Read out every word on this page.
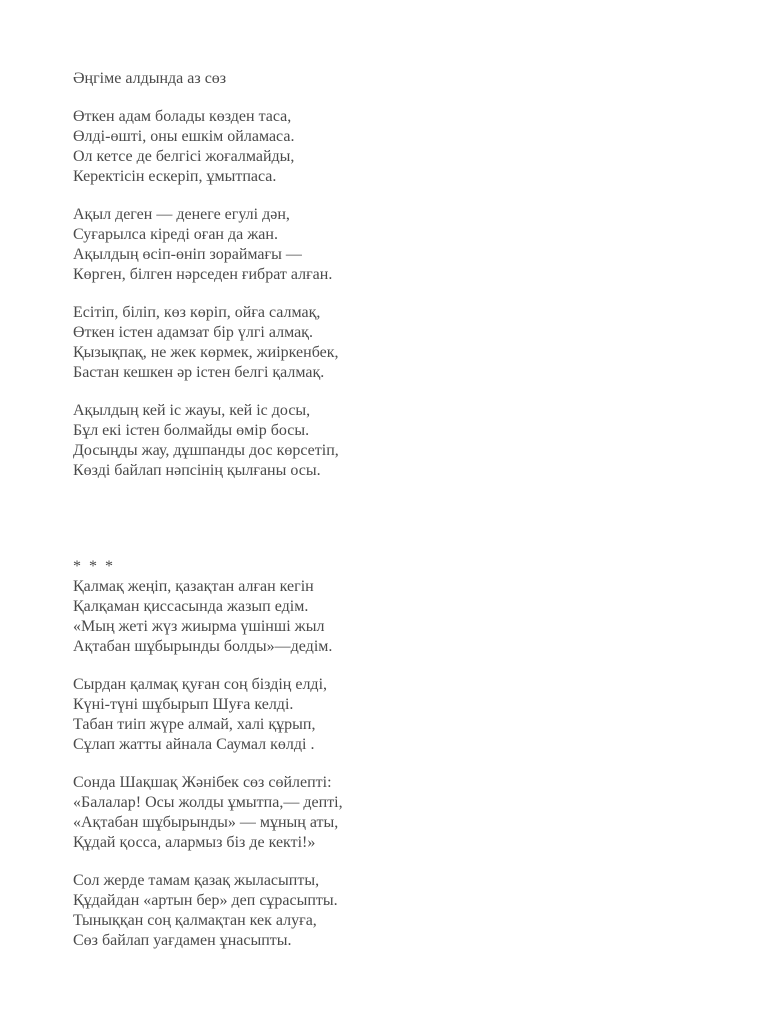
Әңгіме алдында аз сөз
Өткен адам болады көзден таса,
Өлді-өшті, оны ешкім ойламаса.
Ол кетсе де белгісі жоғалмайды,
Керектісін ескеріп, ұмытпаса.
Ақыл деген — денеге егулі дән,
Суғарылса кіреді оған да жан.
Ақылдың өсіп-өніп зораймағы —
Көрген, білген нәрседен ғибрат алған.
Есітіп, біліп, көз көріп, ойға салмақ,
Өткен істен адамзат бір үлгі алмақ.
Қызықпақ, не жек көрмек, жиіркенбек,
Бастан кешкен әр істен белгі қалмақ.
Ақылдың кей іс жауы, кей іс досы,
Бұл екі істен болмайды өмір босы.
Досыңды жау, дұшпанды дос көрсетіп,
Көзді байлап нәпсінің қылғаны осы.
* * *
Қалмақ жеңіп, қазақтан алған кегін
Қалқаман қиссасында жазып едім.
«Мың жеті жүз жиырма үшінші жыл
Ақтабан шұбырынды болды»—дедім.
Сырдан қалмақ қуған соң біздің елді,
Күні-түні шұбырып Шуға келді.
Табан тиіп жүре алмай, халі құрып,
Сұлап жатты айнала Саумал көлді .
Сонда Шақшақ Жәнібек сөз сөйлепті:
«Балалар! Осы жолды ұмытпа,— депті,
«Ақтабан шұбырынды» — мұның аты,
Құдай қосса, алармыз біз де кекті!»
Сол жерде тамам қазақ жыласыпты,
Құдайдан «артын бер» деп сұрасыпты.
Тыныққан соң қалмақтан кек алуға,
Сөз байлап уағдамен ұнасыпты.
